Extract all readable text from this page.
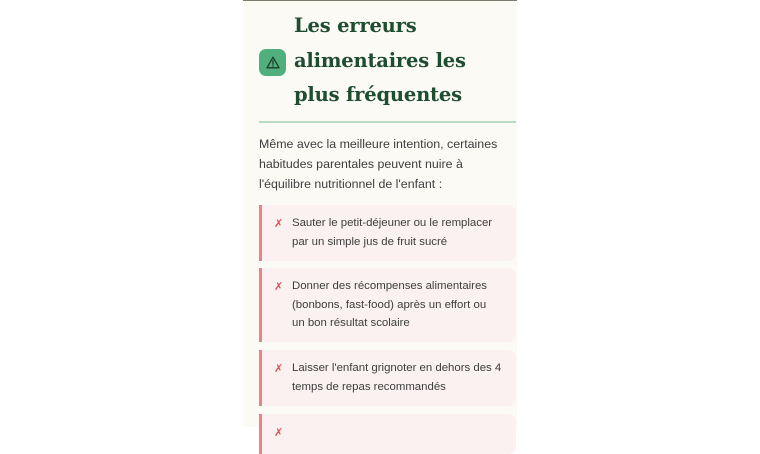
Les erreurs alimentaires les plus fréquentes

Même avec la meilleure intention, certaines habitudes parentales peuvent nuire à l'équilibre nutritionnel de l'enfant :

✗ Sauter le petit-déjeuner ou le remplacer par un simple jus de fruit sucré
✗ Donner des récompenses alimentaires (bonbons, fast-food) après un effort ou un bon résultat scolaire
✗ Laisser l'enfant grignoter en dehors des 4 temps de repas recommandés
✗
